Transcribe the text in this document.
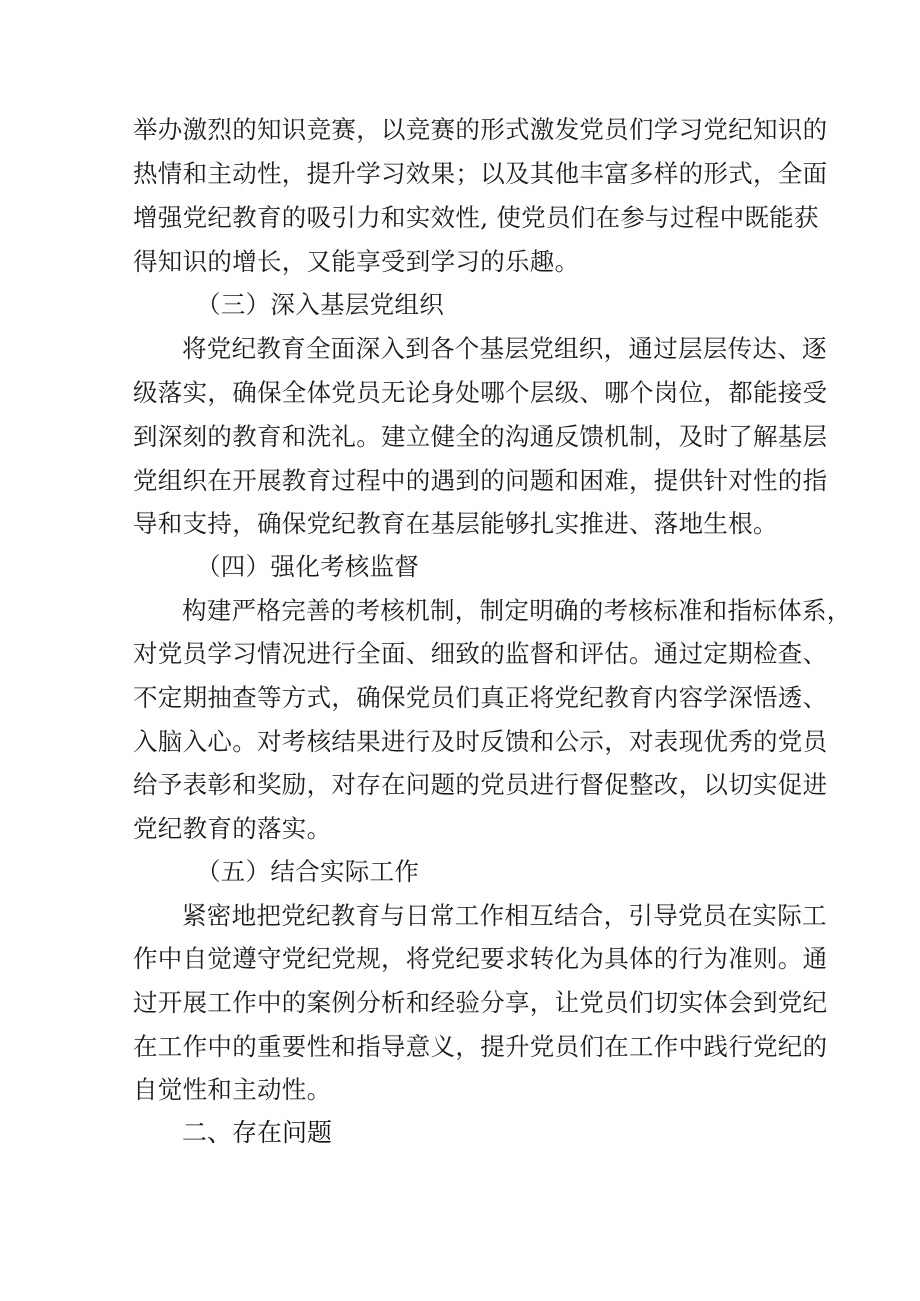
举办激烈的知识竞赛，以竞赛的形式激发党员们学习党纪知识的
热情和主动性，提升学习效果；以及其他丰富多样的形式，全面
增强党纪教育的吸引力和实效性, 使党员们在参与过程中既能获
得知识的增长，又能享受到学习的乐趣。
（三）深入基层党组织
将党纪教育全面深入到各个基层党组织，通过层层传达、逐
级落实，确保全体党员无论身处哪个层级、哪个岗位，都能接受
到深刻的教育和洗礼。建立健全的沟通反馈机制，及时了解基层
党组织在开展教育过程中的遇到的问题和困难，提供针对性的指
导和支持，确保党纪教育在基层能够扎实推进、落地生根。
（四）强化考核监督
构建严格完善的考核机制，制定明确的考核标准和指标体系，
对党员学习情况进行全面、细致的监督和评估。通过定期检查、
不定期抽查等方式，确保党员们真正将党纪教育内容学深悟透、
入脑入心。对考核结果进行及时反馈和公示，对表现优秀的党员
给予表彰和奖励，对存在问题的党员进行督促整改，以切实促进
党纪教育的落实。
（五）结合实际工作
紧密地把党纪教育与日常工作相互结合，引导党员在实际工
作中自觉遵守党纪党规，将党纪要求转化为具体的行为准则。通
过开展工作中的案例分析和经验分享，让党员们切实体会到党纪
在工作中的重要性和指导意义，提升党员们在工作中践行党纪的
自觉性和主动性。
二、存在问题
